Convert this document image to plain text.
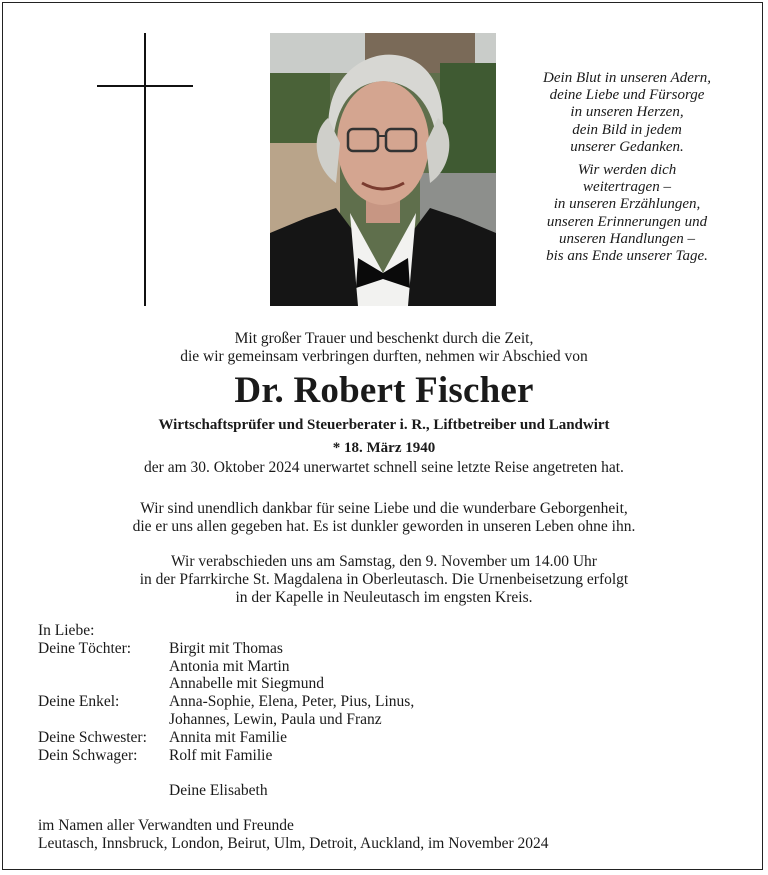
Dein Blut in unseren Adern,
deine Liebe und Fürsorge
in unseren Herzen,
dein Bild in jedem
unserer Gedanken.
Wir werden dich
weitertragen –
in unseren Erzählungen,
unseren Erinnerungen und
unseren Handlungen –
bis ans Ende unserer Tage.
Mit großer Trauer und beschenkt durch die Zeit,
die wir gemeinsam verbringen durften, nehmen wir Abschied von
Dr. Robert Fischer
Wirtschaftsprüfer und Steuerberater i. R., Liftbetreiber und Landwirt
* 18. März 1940
der am 30. Oktober 2024 unerwartet schnell seine letzte Reise angetreten hat.
Wir sind unendlich dankbar für seine Liebe und die wunderbare Geborgenheit,
die er uns allen gegeben hat. Es ist dunkler geworden in unseren Leben ohne ihn.
Wir verabschieden uns am Samstag, den 9. November um 14.00 Uhr
in der Pfarrkirche St. Magdalena in Oberleutasch. Die Urnenbeisetzung erfolgt
in der Kapelle in Neuleutasch im engsten Kreis.
In Liebe:
Deine Töchter:	Birgit mit Thomas
Antonia mit Martin
Annabelle mit Siegmund
Deine Enkel:	Anna-Sophie, Elena, Peter, Pius, Linus,
Johannes, Lewin, Paula und Franz
Deine Schwester:	Annita mit Familie
Dein Schwager:	Rolf mit Familie
Deine Elisabeth
im Namen aller Verwandten und Freunde
Leutasch, Innsbruck, London, Beirut, Ulm, Detroit, Auckland, im November 2024
